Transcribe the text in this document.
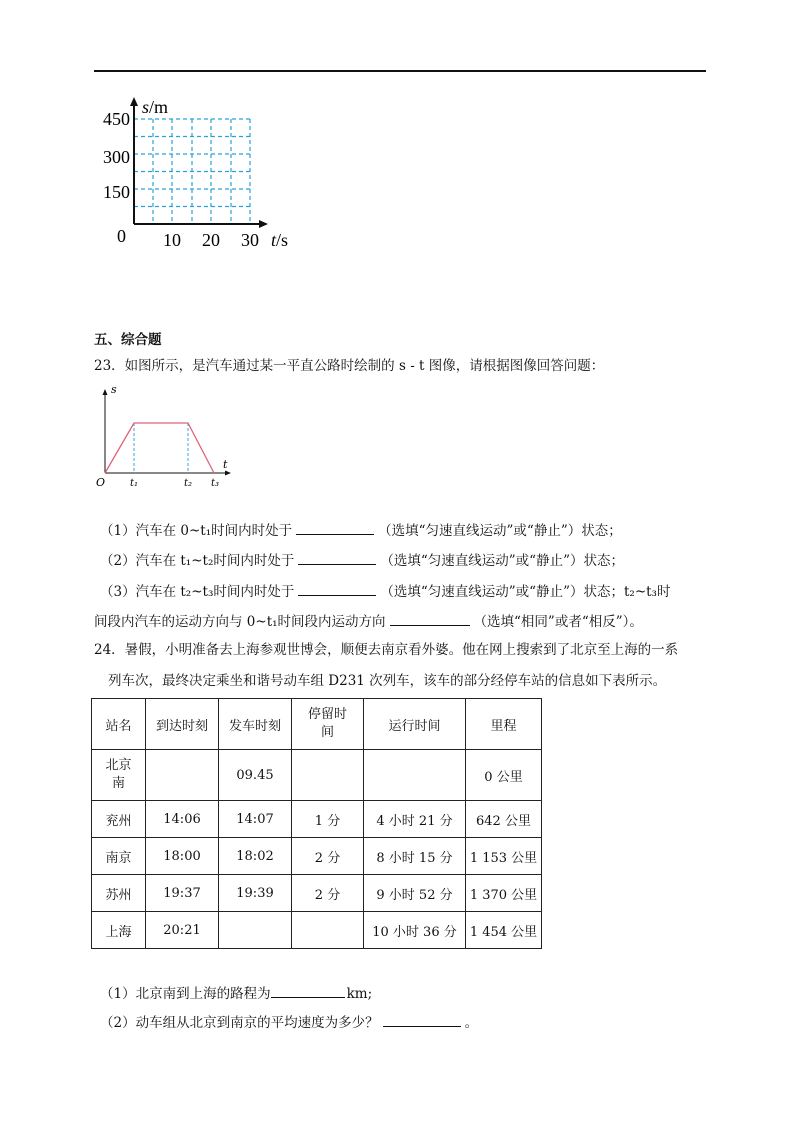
s/m
450
300
150
0 10 20 30 t/s
五、综合题
23．如图所示，是汽车通过某一平直公路时绘制的 s - t 图像，请根据图像回答问题：
s
t
O t₁	t₂ t₃
（1）汽车在 0~t₁时间内时处于	（选填“匀速直线运动”或“静止”）状态；
（2）汽车在 t₁~t₂时间内时处于	（选填“匀速直线运动”或“静止”）状态；
（3）汽车在 t₂~t₃时间内时处于	（选填“匀速直线运动”或“静止”）状态；t₂~t₃时
间段内汽车的运动方向与 0~t₁时间段内运动方向	（选填“相同”或者“相反”）。
24．暑假，小明准备去上海参观世博会，顺便去南京看外婆。他在网上搜索到了北京至上海的一系
列车次，最终决定乘坐和谐号动车组 D231 次列车，该车的部分经停车站的信息如下表所示。
站名	到达时刻	发车时刻	停留时间	运行时间	里程

北京南		09.45			0 公里
兖州	14:06	14:07	1 分	4 小时 21 分	642 公里
南京	18:00	18:02	2 分	8 小时 15 分	1 153 公里
苏州	19:37	19:39	2 分	9 小时 52 分	1 370 公里
上海	20:21			10 小时 36 分	1 454 公里
（1）北京南到上海的路程为	km;
（2）动车组从北京到南京的平均速度为多少？	。
